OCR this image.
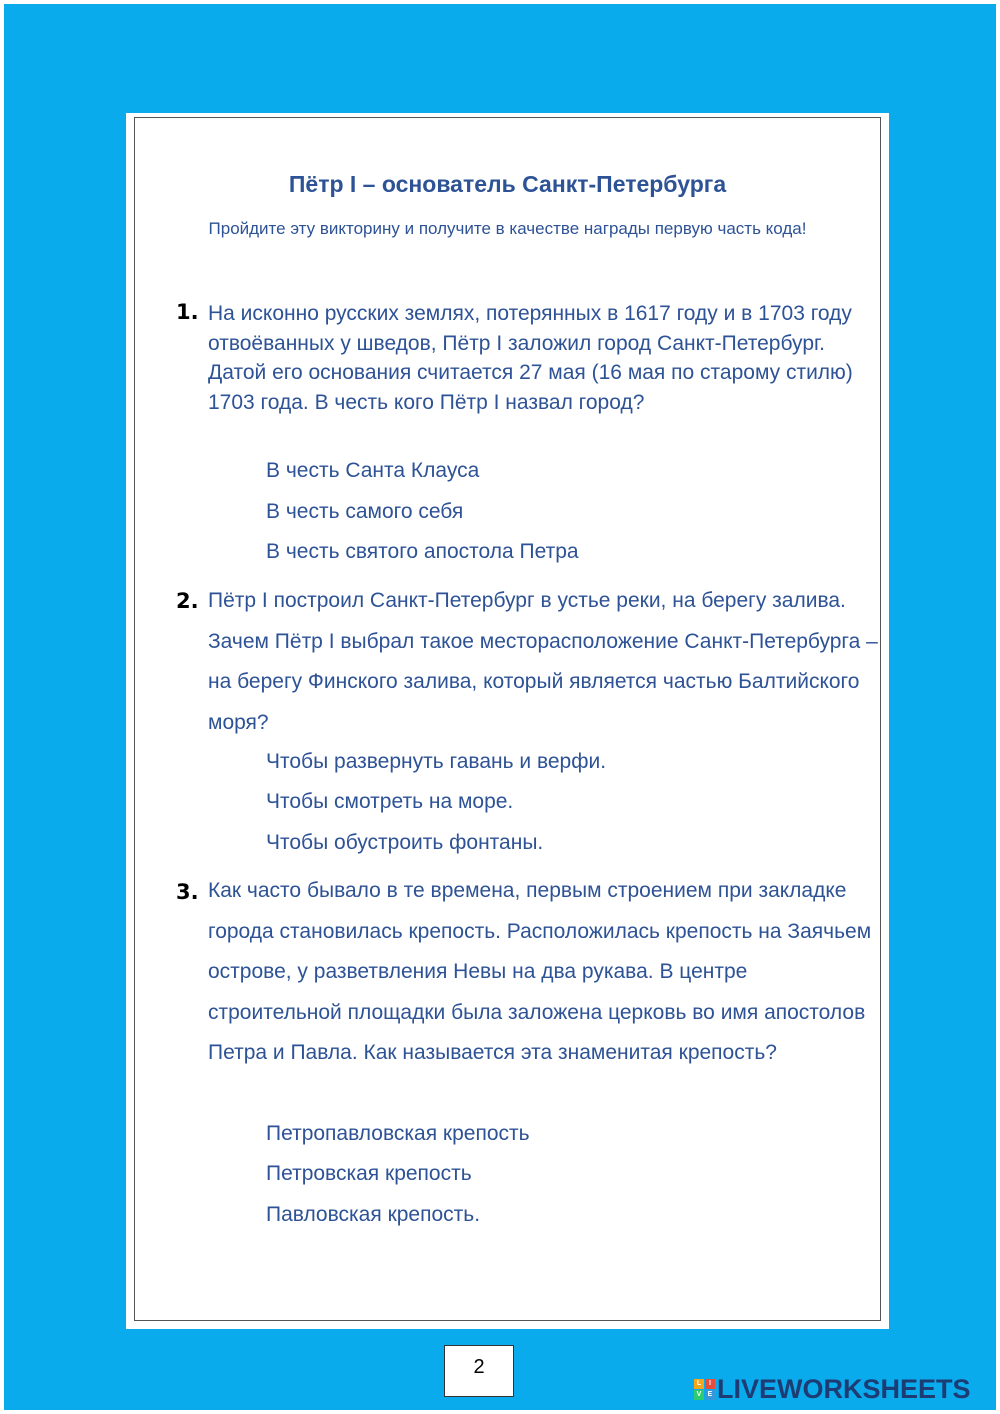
Пётр I – основатель Санкт-Петербурга

Пройдите эту викторину и получите в качестве награды первую часть кода!

1. На исконно русских землях, потерянных в 1617 году и в 1703 году отвоёванных у шведов, Пётр I заложил город Санкт-Петербург. Датой его основания считается 27 мая (16 мая по старому стилю) 1703 года. В честь кого Пётр I назвал город?

В честь Санта Клауса
В честь самого себя
В честь святого апостола Петра
2. Пётр I построил Санкт-Петербург в устье реки, на берегу залива. Зачем Пётр I выбрал такое месторасположение Санкт-Петербурга – на берегу Финского залива, который является частью Балтийского моря?

Чтобы развернуть гавань и верфи.
Чтобы смотреть на море.
Чтобы обустроить фонтаны.
3. Как часто бывало в те времена, первым строением при закладке города становилась крепость. Расположилась крепость на Заячьем острове, у разветвления Невы на два рукава. В центре строительной площадки была заложена церковь во имя апостолов Петра и Павла. Как называется эта знаменитая крепость?

Петропавловская крепость
Петровская крепость
Павловская крепость.
2
L	I
V E LIVEWORKSHEETS
